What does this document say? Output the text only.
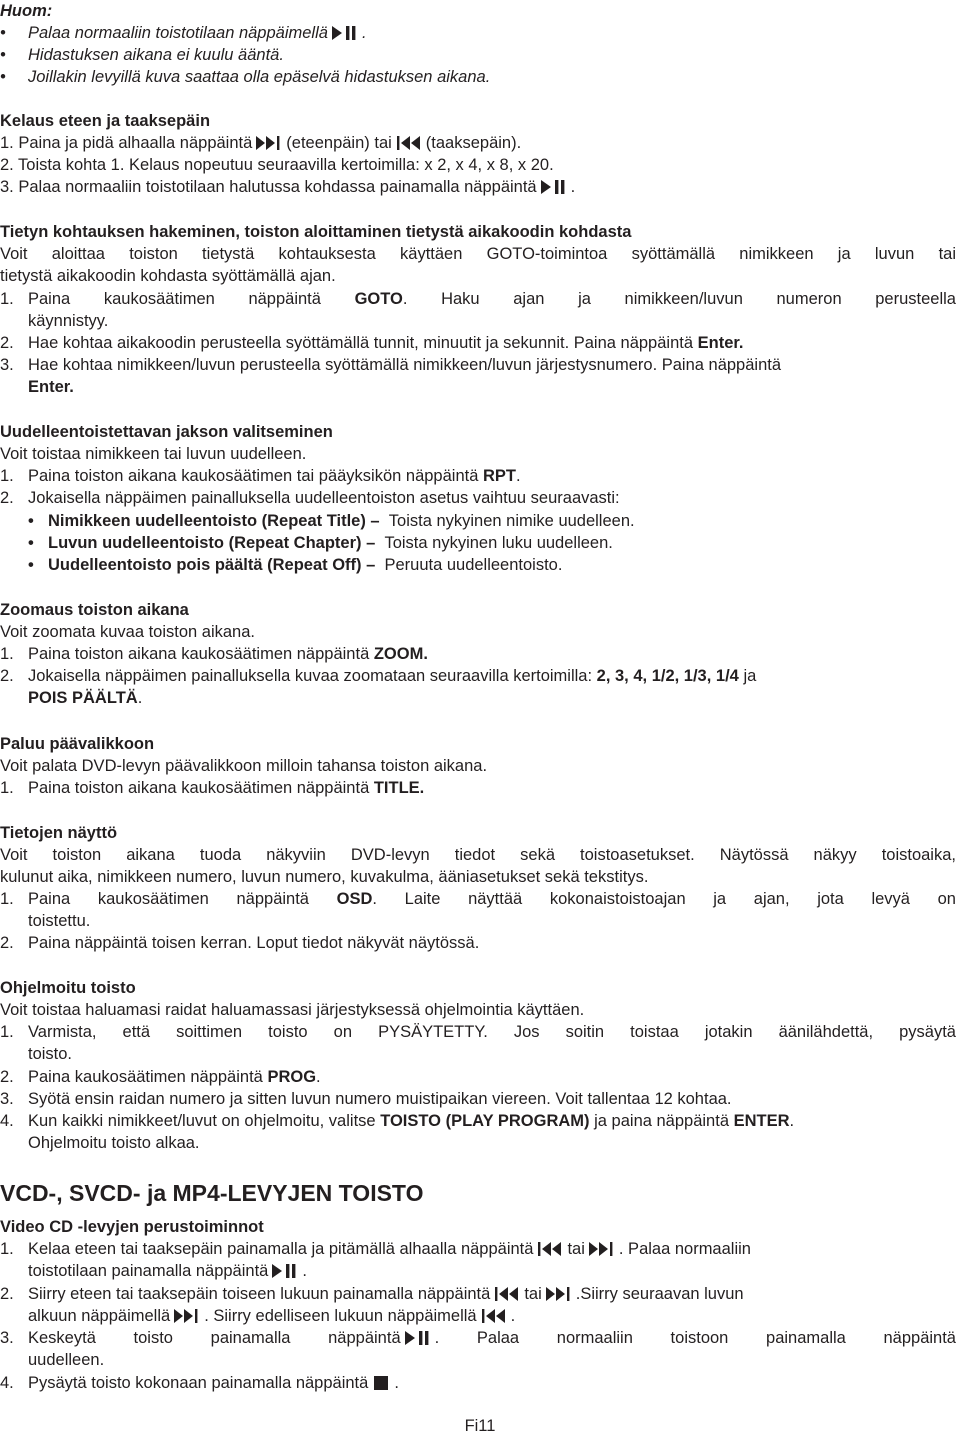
Huom:
• Palaa normaaliin toistotilaan näppäimellä .
• Hidastuksen aikana ei kuulu ääntä.
• Joillakin levyillä kuva saattaa olla epäselvä hidastuksen aikana.
Kelaus eteen ja taaksepäin
1. Paina ja pidä alhaalla näppäintä (eteenpäin) tai (taaksepäin).
2. Toista kohta 1. Kelaus nopeutuu seuraavilla kertoimilla: x 2, x 4, x 8, x 20.
3. Palaa normaaliin toistotilaan halutussa kohdassa painamalla näppäintä .
Tietyn kohtauksen hakeminen, toiston aloittaminen tietystä aikakoodin kohdasta
Voit aloittaa toiston tietystä kohtauksesta käyttäen GOTO-toimintoa syöttämällä nimikkeen ja luvun tai
tietystä aikakoodin kohdasta syöttämällä ajan.
1. Paina kaukosäätimen näppäintä GOTO. Haku ajan ja nimikkeen/luvun numeron perusteella
käynnistyy.
2. Hae kohtaa aikakoodin perusteella syöttämällä tunnit, minuutit ja sekunnit. Paina näppäintä Enter.
3. Hae kohtaa nimikkeen/luvun perusteella syöttämällä nimikkeen/luvun järjestysnumero. Paina näppäintä
Enter.
Uudelleentoistettavan jakson valitseminen
Voit toistaa nimikkeen tai luvun uudelleen.
1. Paina toiston aikana kaukosäätimen tai pääyksikön näppäintä RPT.
2. Jokaisella näppäimen painalluksella uudelleentoiston asetus vaihtuu seuraavasti:
• Nimikkeen uudelleentoisto (Repeat Title) – Toista nykyinen nimike uudelleen.
• Luvun uudelleentoisto (Repeat Chapter) – Toista nykyinen luku uudelleen.
• Uudelleentoisto pois päältä (Repeat Off) – Peruuta uudelleentoisto.
Zoomaus toiston aikana
Voit zoomata kuvaa toiston aikana.
1. Paina toiston aikana kaukosäätimen näppäintä ZOOM.
2. Jokaisella näppäimen painalluksella kuvaa zoomataan seuraavilla kertoimilla: 2, 3, 4, 1/2, 1/3, 1/4 ja
POIS PÄÄLTÄ.
Paluu päävalikkoon
Voit palata DVD-levyn päävalikkoon milloin tahansa toiston aikana.
1. Paina toiston aikana kaukosäätimen näppäintä TITLE.
Tietojen näyttö
Voit toiston aikana tuoda näkyviin DVD-levyn tiedot sekä toistoasetukset. Näytössä näkyy toistoaika,
kulunut aika, nimikkeen numero, luvun numero, kuvakulma, ääniasetukset sekä tekstitys.
1. Paina kaukosäätimen näppäintä OSD. Laite näyttää kokonaistoistoajan ja ajan, jota levyä on
toistettu.
2. Paina näppäintä toisen kerran. Loput tiedot näkyvät näytössä.
Ohjelmoitu toisto
Voit toistaa haluamasi raidat haluamassasi järjestyksessä ohjelmointia käyttäen.
1. Varmista, että soittimen toisto on PYSÄYTETTY. Jos soitin toistaa jotakin äänilähdettä, pysäytä
toisto.
2. Paina kaukosäätimen näppäintä PROG.
3. Syötä ensin raidan numero ja sitten luvun numero muistipaikan viereen. Voit tallentaa 12 kohtaa.
4. Kun kaikki nimikkeet/luvut on ohjelmoitu, valitse TOISTO (PLAY PROGRAM) ja paina näppäintä ENTER.
Ohjelmoitu toisto alkaa.
VCD-, SVCD- ja MP4-LEVYJEN TOISTO
Video CD -levyjen perustoiminnot
1. Kelaa eteen tai taaksepäin painamalla ja pitämällä alhaalla näppäintä tai . Palaa normaaliin
toistotilaan painamalla näppäintä .
2. Siirry eteen tai taaksepäin toiseen lukuun painamalla näppäintä tai .Siirry seuraavan luvun
alkuun näppäimellä . Siirry edelliseen lukuun näppäimellä .
3. Keskeytä toisto painamalla näppäintä . Palaa normaaliin toistoon painamalla näppäintä
uudelleen.
4. Pysäytä toisto kokonaan painamalla näppäintä .
Fi11
